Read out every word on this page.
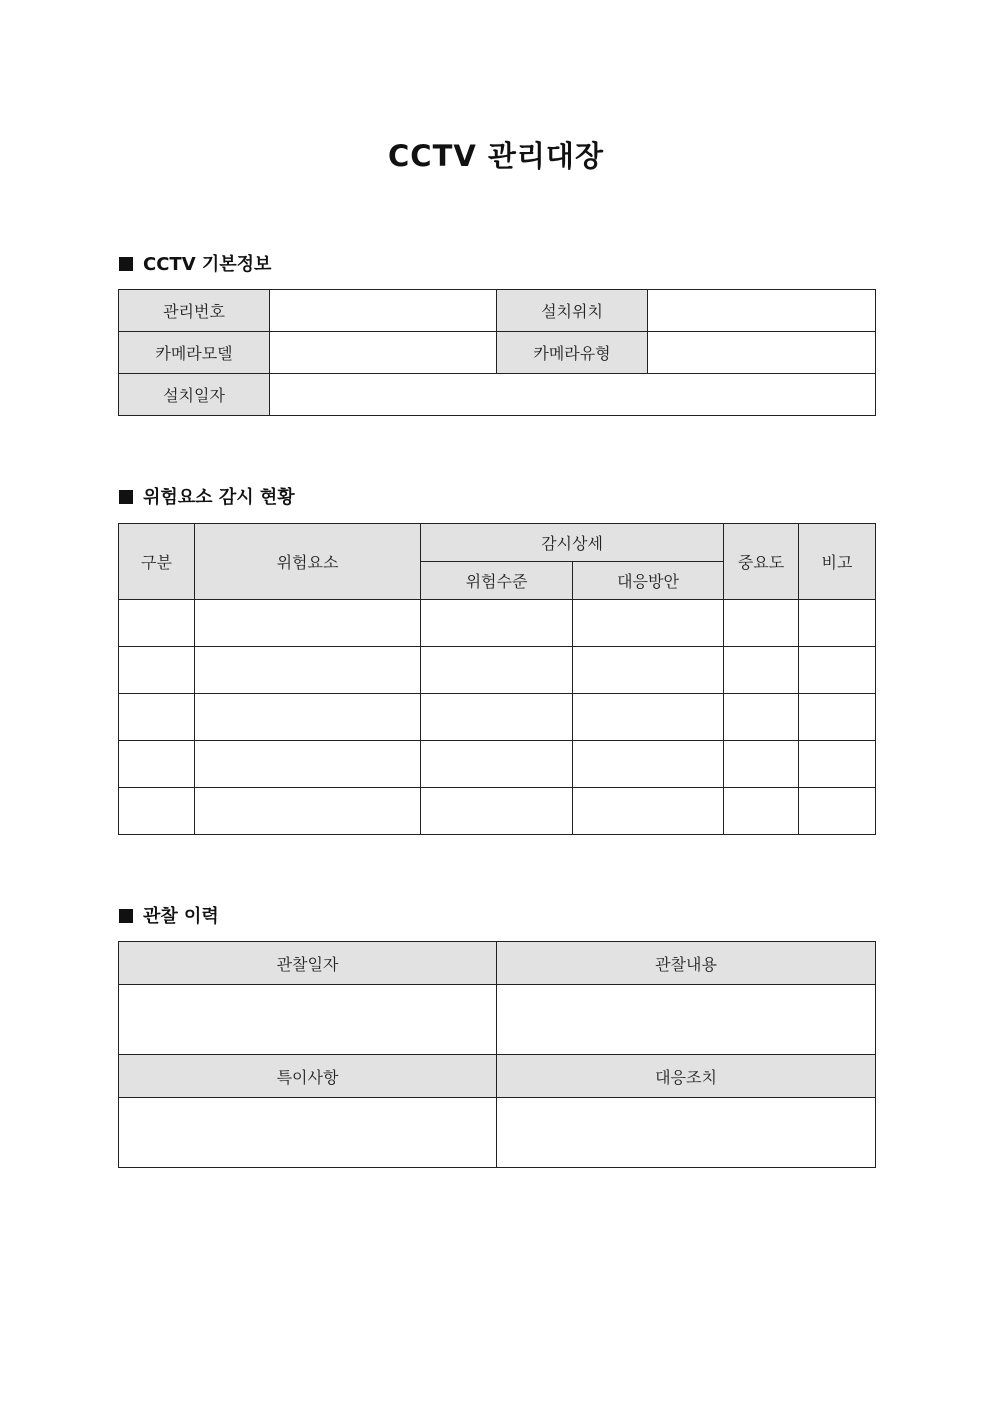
CCTV 관리대장
CCTV 기본정보
관리번호		설치위치	
카메라모델		카메라유형	
설치일자			
위험요소 감시 현황
구분	위험요소	감시상세		중요도	비고
		위험수준	대응방안		

관찰 이력
관찰일자	관찰내용

특이사항	대응조치
